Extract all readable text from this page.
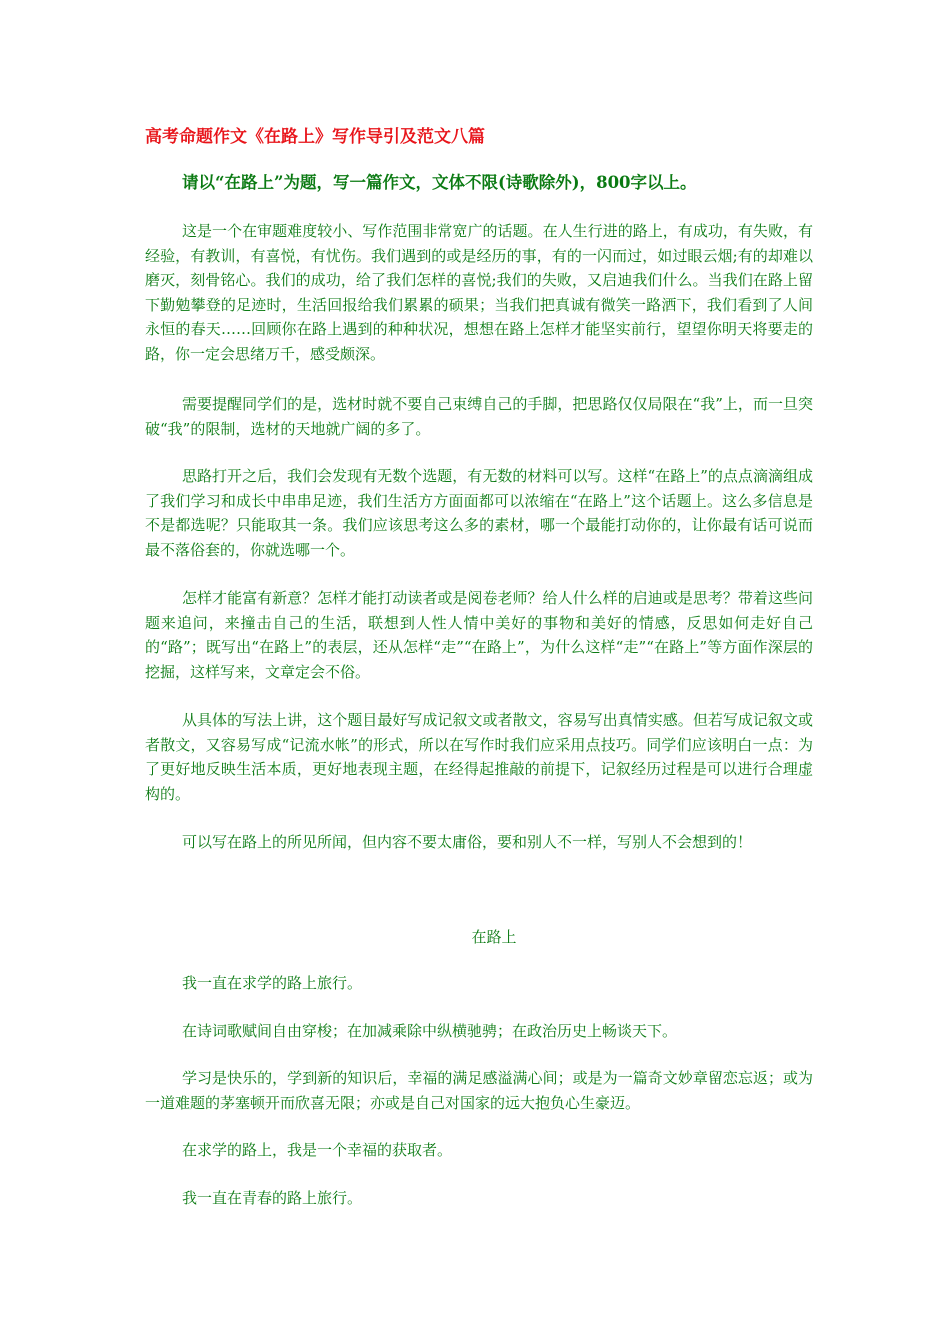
高考命题作文《在路上》写作导引及范文八篇
请以“在路上”为题，写一篇作文，文体不限(诗歌除外)，800字以上。

这是一个在审题难度较小、写作范围非常宽广的话题。在人生行进的路上，有成功，有失败，有经验，有教训，有喜悦，有忧伤。我们遇到的或是经历的事，有的一闪而过，如过眼云烟;有的却难以磨灭，刻骨铭心。我们的成功，给了我们怎样的喜悦;我们的失败，又启迪我们什么。当我们在路上留下勤勉攀登的足迹时，生活回报给我们累累的硕果；当我们把真诚有微笑一路洒下，我们看到了人间永恒的春天……回顾你在路上遇到的种种状况，想想在路上怎样才能坚实前行，望望你明天将要走的路，你一定会思绪万千，感受颇深。

需要提醒同学们的是，选材时就不要自己束缚自己的手脚，把思路仅仅局限在“我”上，而一旦突破“我”的限制，选材的天地就广阔的多了。

思路打开之后，我们会发现有无数个选题，有无数的材料可以写。这样“在路上”的点点滴滴组成了我们学习和成长中串串足迹，我们生活方方面面都可以浓缩在“在路上”这个话题上。这么多信息是不是都选呢？只能取其一条。我们应该思考这么多的素材，哪一个最能打动你的，让你最有话可说而最不落俗套的，你就选哪一个。

怎样才能富有新意？怎样才能打动读者或是阅卷老师？给人什么样的启迪或是思考？带着这些问题来追问，来撞击自己的生活，联想到人性人情中美好的事物和美好的情感，反思如何走好自己的“路”；既写出“在路上”的表层，还从怎样“走”“在路上”，为什么这样“走”“在路上”等方面作深层的挖掘，这样写来，文章定会不俗。

从具体的写法上讲，这个题目最好写成记叙文或者散文，容易写出真情实感。但若写成记叙文或者散文，又容易写成“记流水帐”的形式，所以在写作时我们应采用点技巧。同学们应该明白一点：为了更好地反映生活本质，更好地表现主题，在经得起推敲的前提下，记叙经历过程是可以进行合理虚构的。

可以写在路上的所见所闻，但内容不要太庸俗，要和别人不一样，写别人不会想到的！

在路上

我一直在求学的路上旅行。

在诗词歌赋间自由穿梭；在加减乘除中纵横驰骋；在政治历史上畅谈天下。

学习是快乐的，学到新的知识后，幸福的满足感溢满心间；或是为一篇奇文妙章留恋忘返；或为一道难题的茅塞顿开而欣喜无限；亦或是自己对国家的远大抱负心生豪迈。

在求学的路上，我是一个幸福的获取者。

我一直在青春的路上旅行。
